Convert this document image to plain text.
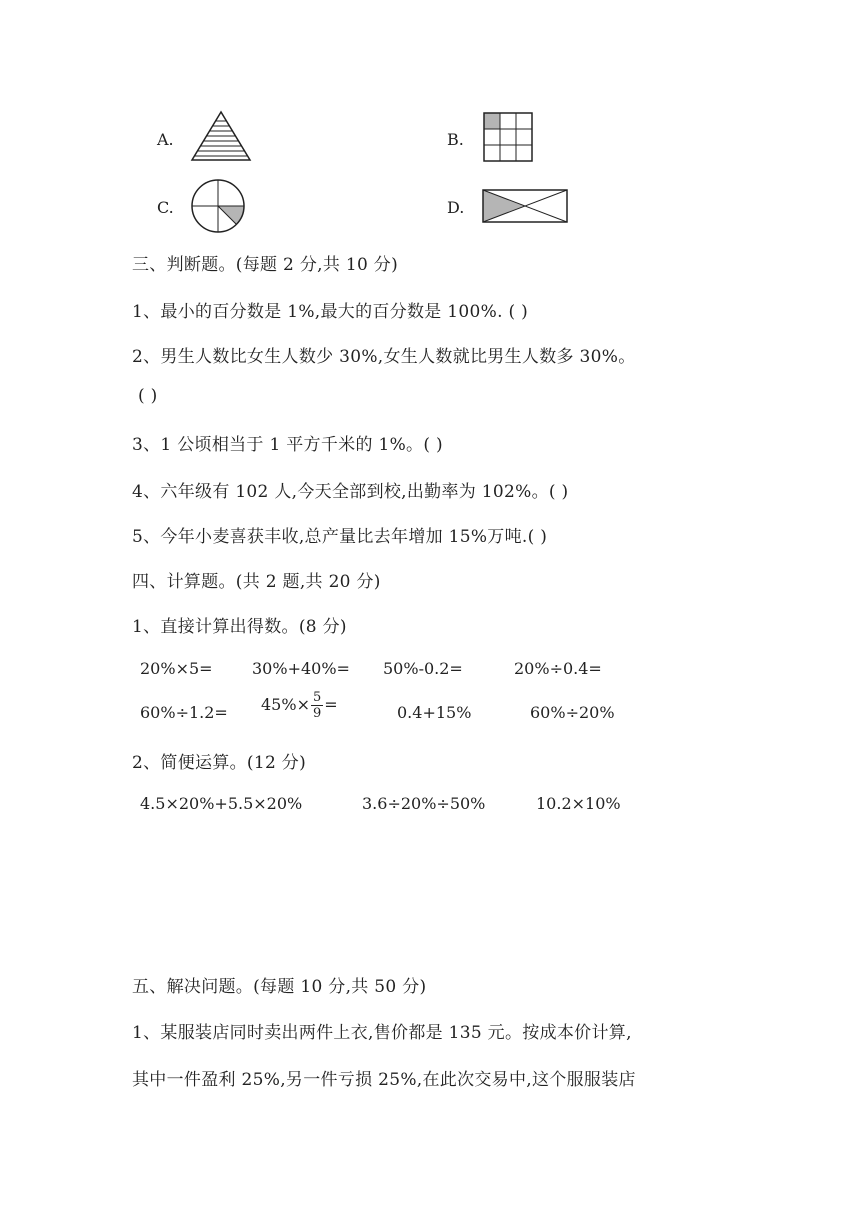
A.	B.
C.	D.
三、判断题。(每题 2 分,共 10 分)
1、最小的百分数是 1%,最大的百分数是 100%. ( )
2、男生人数比女生人数少 30%,女生人数就比男生人数多 30%。
( )
3、1 公顷相当于 1 平方千米的 1%。( )
4、六年级有 102 人,今天全部到校,出勤率为 102%。( )
5、今年小麦喜获丰收,总产量比去年增加 15%万吨.( )
四、计算题。(共 2 题,共 20 分)
1、直接计算出得数。(8 分)
20%×5= 30%+40%= 50%-0.2=	20%÷0.4=
$60\%\div 1.2= 45\%\times \frac{5}{9}$ =	0.4+15%	60%÷20%
2、简便运算。(12 分)
4.5×20%+5.5×20%	3.6÷20%÷50%	10.2×10%
五、解决问题。(每题 10 分,共 50 分)
1、某服装店同时卖出两件上衣,售价都是 135 元。按成本价计算,
其中一件盈利 25%,另一件亏损 25%,在此次交易中,这个服服装店
